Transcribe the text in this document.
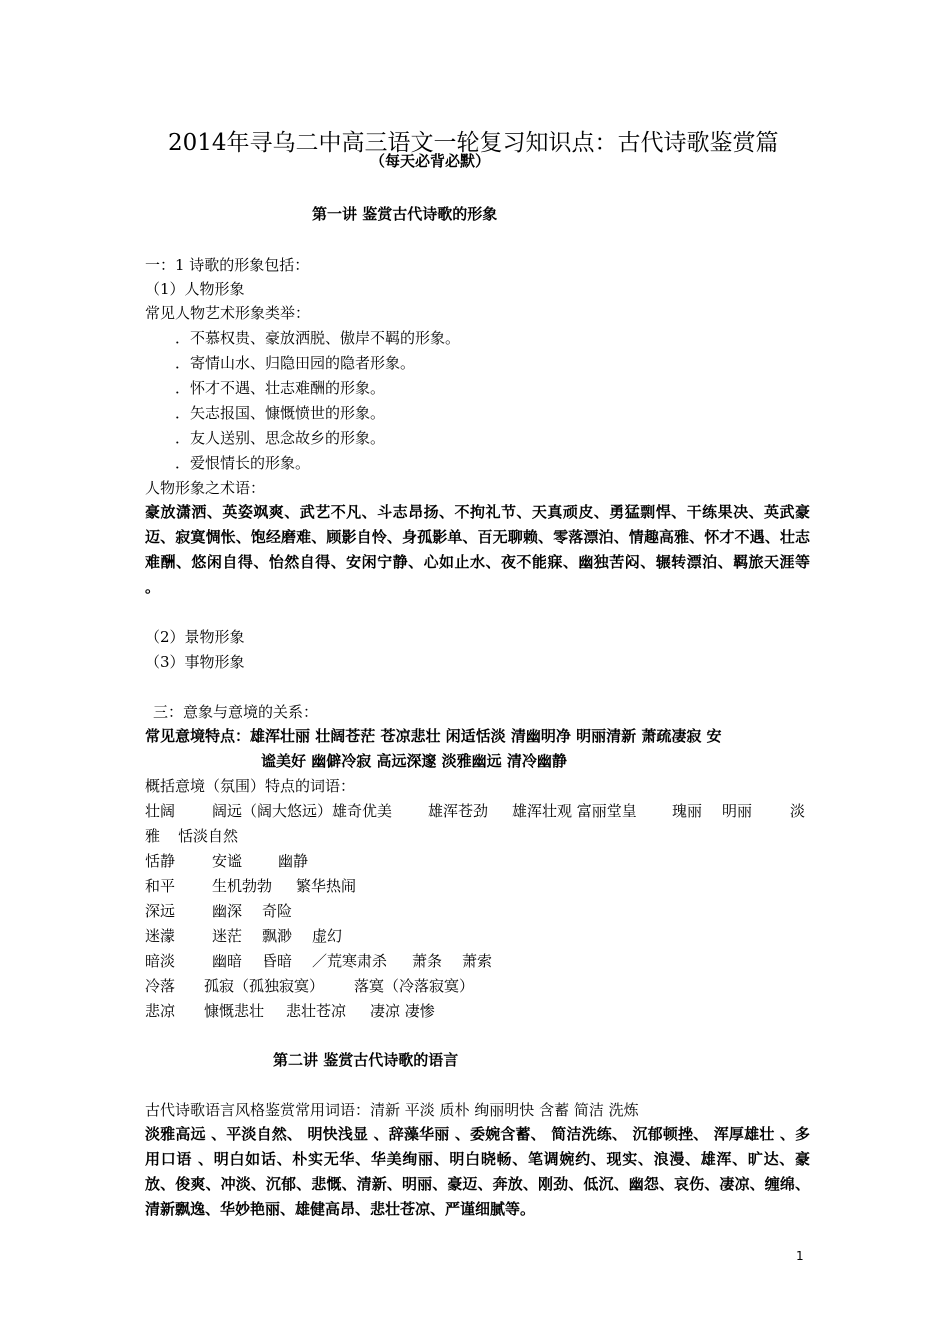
2014年寻乌二中高三语文一轮复习知识点：古代诗歌鉴赏篇
（每天必背必默）
第一讲 鉴赏古代诗歌的形象
一：1 诗歌的形象包括：
（1）人物形象
常见人物艺术形象类举：
．不慕权贵、豪放洒脱、傲岸不羁的形象。
．寄情山水、归隐田园的隐者形象。
．怀才不遇、壮志难酬的形象。
．矢志报国、慷慨愤世的形象。
．友人送别、思念故乡的形象。
．爱恨情长的形象。
人物形象之术语：
豪放潇洒、英姿飒爽、武艺不凡、斗志昂扬、不拘礼节、天真顽皮、勇猛剽悍、干练果决、英武豪迈、寂寞惆怅、饱经磨难、顾影自怜、身孤影单、百无聊赖、零落漂泊、情趣高雅、怀才不遇、壮志难酬、悠闲自得、怡然自得、安闲宁静、心如止水、夜不能寐、幽独苦闷、辗转漂泊、羁旅天涯等 。
（2）景物形象
（3）事物形象
三：意象与意境的关系：
常见意境特点：雄浑壮丽 壮阔苍茫 苍凉悲壮 闲适恬淡 清幽明净 明丽清新 萧疏凄寂 安
谧美好 幽僻冷寂 高远深邃 淡雅幽远 清冷幽静
概括意境（氛围）特点的词语：
壮阔 阔远（阔大悠远）雄奇优美 雄浑苍劲 雄浑壮观 富丽堂皇 瑰丽 明丽	淡
雅 恬淡自然
恬静 安谧 幽静
和平 生机勃勃 繁华热闹
深远 幽深 奇险
迷濛 迷茫 飘渺 虚幻
暗淡 幽暗 昏暗 ／荒寒肃杀 萧条 萧索
冷落 孤寂（孤独寂寞） 落寞（冷落寂寞）
悲凉 慷慨悲壮 悲壮苍凉 凄凉 凄惨
第二讲 鉴赏古代诗歌的语言
古代诗歌语言风格鉴赏常用词语：清新 平淡 质朴 绚丽明快 含蓄 简洁 洗炼
淡雅高远 、平淡自然、 明快浅显 、辞藻华丽 、委婉含蓄、 简洁洗练、 沉郁顿挫、 浑厚雄壮 、多用口语 、明白如话、朴实无华、华美绚丽、明白晓畅、笔调婉约、现实、浪漫、雄浑、旷达、豪放、俊爽、冲淡、沉郁、悲慨、清新、明丽、豪迈、奔放、刚劲、低沉、幽怨、哀伤、凄凉、缠绵、清新飘逸、华妙艳丽、雄健高昂、悲壮苍凉、严谨细腻等。
1
